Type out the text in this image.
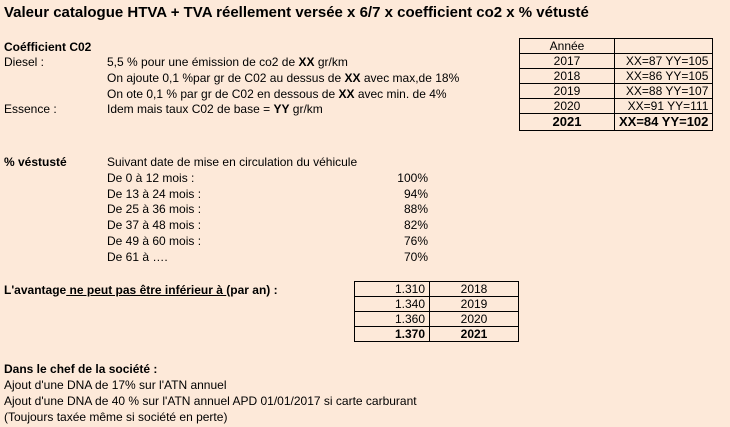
Valeur catalogue HTVA + TVA réellement versée x 6/7 x coefficient co2 x % vétusté
Coéfficient C02
Diesel :	5,5 % pour une émission de co2 de XX gr/km
On ajoute 0,1 %par gr de C02 au dessus de XX avec max,de 18%
On ote 0,1 % par gr de C02 en dessous de XX avec min. de 4%
Essence :	Idem mais taux C02 de base = YY gr/km
Année	
2017	XX=87 YY=105
2018	XX=86 YY=105
2019	XX=88 YY=107
2020	XX=91 YY=111
2021	XX=84 YY=102
% véstusté	Suivant date de mise en circulation du véhicule
De 0 à 12 mois :	100%
De 13 à 24 mois :	94%
De 25 à 36 mois :	88%
De 37 à 48 mois :	82%
De 49 à 60 mois :	76%
De 61 à ….	70%
L'avantage ne peut pas être inférieur à (par an) :	1.310	2018
1.340	2019
1.360	2020
1.370	2021
Dans le chef de la société :
Ajout d'une DNA de 17% sur l'ATN annuel
Ajout d'une DNA de 40 % sur l'ATN annuel APD 01/01/2017 si carte carburant
(Toujours taxée même si société en perte)
